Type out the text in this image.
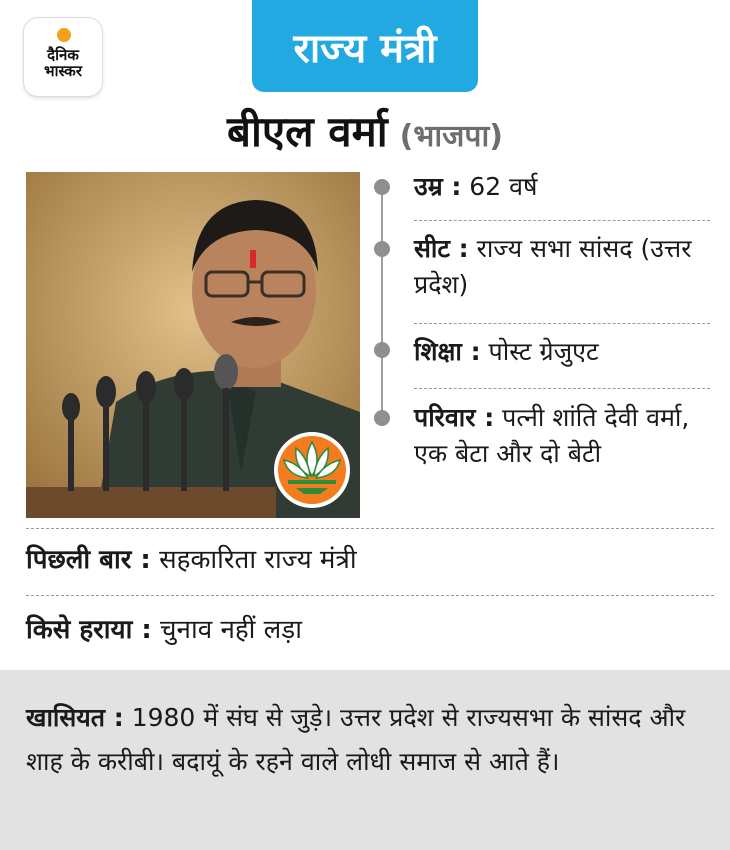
दैनिक
भास्कर	राज्य मंत्री
बीएल वर्मा (भाजपा)
उम्र : 62 वर्ष
सीट : राज्य सभा सांसद (उत्तर प्रदेश)
शिक्षा : पोस्ट ग्रेजुएट
परिवार : पत्नी शांति देवी वर्मा, एक बेटा और दो बेटी
पिछली बार : सहकारिता राज्य मंत्री
किसे हराया : चुनाव नहीं लड़ा

खासियत : 1980 में संघ से जुड़े। उत्तर प्रदेश से राज्यसभा के सांसद और शाह के करीबी। बदायूं के रहने वाले लोधी समाज से आते हैं।
